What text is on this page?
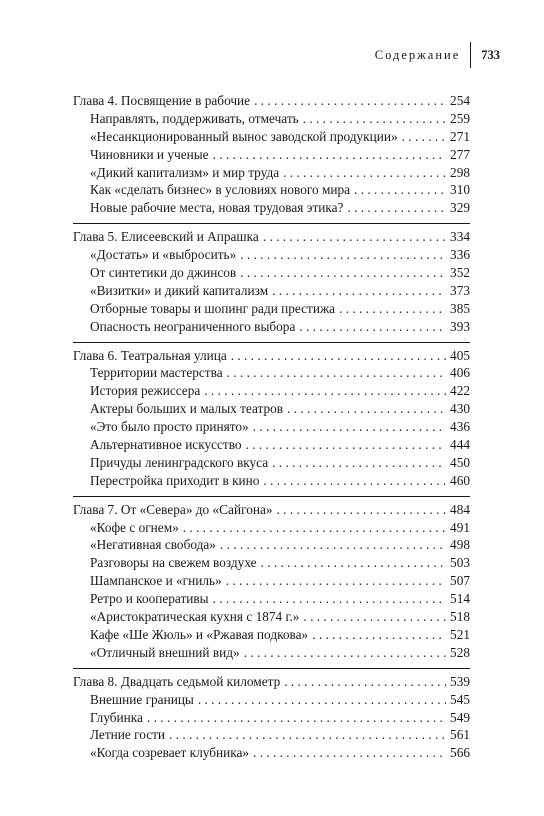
Содержание 733
Глава 4. Посвящение в рабочие . . .	254
Направлять, поддерживать, отмечать . . .	259
«Несанкционированный вынос заводской продукции» . . .	271
Чиновники и ученые . . .	277
«Дикий капитализм» и мир труда . . .	298
Как «сделать бизнес» в условиях нового мира . . .	310
Новые рабочие места, новая трудовая этика? . . .	329
Глава 5. Елисеевский и Апрашка . . .	334
«Достать» и «выбросить» . . .	336
От синтетики до джинсов . . .	352
«Визитки» и дикий капитализм . . .	373
Отборные товары и шопинг ради престижа . . .	385
Опасность неограниченного выбора . . .	393
Глава 6. Театральная улица . . .	405
Территории мастерства . . .	406
История режиссера . . .	422
Актеры больших и малых театров . . .	430
«Это было просто принято» . . .	436
Альтернативное искусство . . .	444
Причуды ленинградского вкуса . . .	450
Перестройка приходит в кино . . .	460
Глава 7. От «Севера» до «Сайгона» . . .	484
«Кофе с огнем» . . .	491
«Негативная свобода» . . .	498
Разговоры на свежем воздухе . . .	503
Шампанское и «гниль» . . .	507
Ретро и кооперативы . . .	514
«Аристократическая кухня с 1874 г.» . . .	518
Кафе «Ше Жюль» и «Ржавая подкова» . . .	521
«Отличный внешний вид» . . .	528
Глава 8. Двадцать седьмой километр . . .	539
Внешние границы . . .	545
Глубинка . . .	549
Летние гости . . .	561
«Когда созревает клубника» . . .	566
